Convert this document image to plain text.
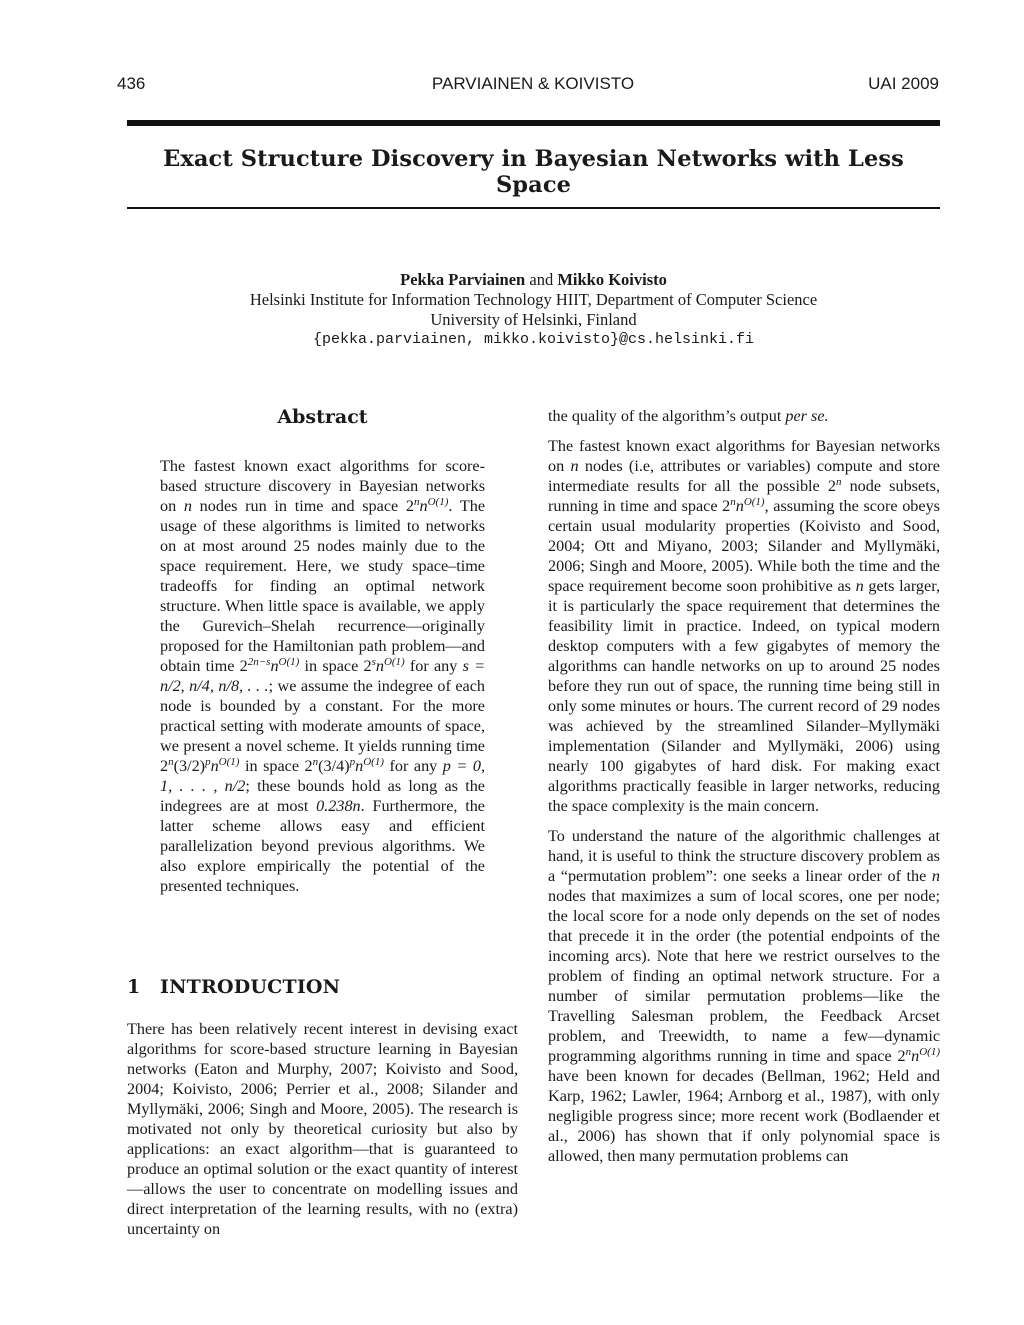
436	PARVIAINEN & KOIVISTO	UAI 2009
Exact Structure Discovery in Bayesian Networks with Less Space
Pekka Parviainen and Mikko Koivisto
Helsinki Institute for Information Technology HIIT, Department of Computer Science
University of Helsinki, Finland
{pekka.parviainen, mikko.koivisto}@cs.helsinki.fi
Abstract

The fastest known exact algorithms for score-based structure discovery in Bayesian networks on n nodes run in time and space $2^nn^{O(1)}$. The usage of these algorithms is limited to networks on at most around 25 nodes mainly due to the space requirement. Here, we study space–time tradeoffs for finding an optimal network structure. When little space is available, we apply the Gurevich–Shelah recurrence—originally proposed for the Hamiltonian path problem—and obtain time $2^{2n-s}n^{O(1)}$ in space $2^sn^{O(1)}$ for any s = n/2, n/4, n/8, . . .; we assume the indegree of each node is bounded by a constant. For the more practical setting with moderate amounts of space, we present a novel scheme. It yields running time $2^n(3/2)^pn^{O(1)}$ in space $2^n(3/4)^pn^{O(1)}$ for any p = 0, 1, . . . , n/2; these bounds hold as long as the indegrees are at most 0.238n. Furthermore, the latter scheme allows easy and efficient parallelization beyond previous algorithms. We also explore empirically the potential of the presented techniques.

1 INTRODUCTION

There has been relatively recent interest in devising exact algorithms for score-based structure learning in Bayesian networks (Eaton and Murphy, 2007; Koivisto and Sood, 2004; Koivisto, 2006; Perrier et al., 2008; Silander and Myllymäki, 2006; Singh and Moore, 2005). The research is motivated not only by theoretical curiosity but also by applications: an exact algorithm—that is guaranteed to produce an optimal solution or the exact quantity of interest—allows the user to concentrate on modelling issues and direct interpretation of the learning results, with no (extra) uncertainty on

the quality of the algorithm’s output per se.

The fastest known exact algorithms for Bayesian networks on n nodes (i.e, attributes or variables) compute and store intermediate results for all the possible 2$^n$ node subsets, running in time and space $2^nn^{O(1)}$, assuming the score obeys certain usual modularity properties (Koivisto and Sood, 2004; Ott and Miyano, 2003; Silander and Myllymäki, 2006; Singh and Moore, 2005). While both the time and the space requirement become soon prohibitive as n gets larger, it is particularly the space requirement that determines the feasibility limit in practice. Indeed, on typical modern desktop computers with a few gigabytes of memory the algorithms can handle networks on up to around 25 nodes before they run out of space, the running time being still in only some minutes or hours. The current record of 29 nodes was achieved by the streamlined Silander–Myllymäki implementation (Silander and Myllymäki, 2006) using nearly 100 gigabytes of hard disk. For making exact algorithms practically feasible in larger networks, reducing the space complexity is the main concern.

To understand the nature of the algorithmic challenges at hand, it is useful to think the structure discovery problem as a “permutation problem”: one seeks a linear order of the n nodes that maximizes a sum of local scores, one per node; the local score for a node only depends on the set of nodes that precede it in the order (the potential endpoints of the incoming arcs). Note that here we restrict ourselves to the problem of finding an optimal network structure. For a number of similar permutation problems—like the Travelling Salesman problem, the Feedback Arcset problem, and Treewidth, to name a few—dynamic programming algorithms running in time and space $2^nn^{O(1)}$ have been known for decades (Bellman, 1962; Held and Karp, 1962; Lawler, 1964; Arnborg et al., 1987), with only negligible progress since; more recent work (Bodlaender et al., 2006) has shown that if only polynomial space is allowed, then many permutation problems can
